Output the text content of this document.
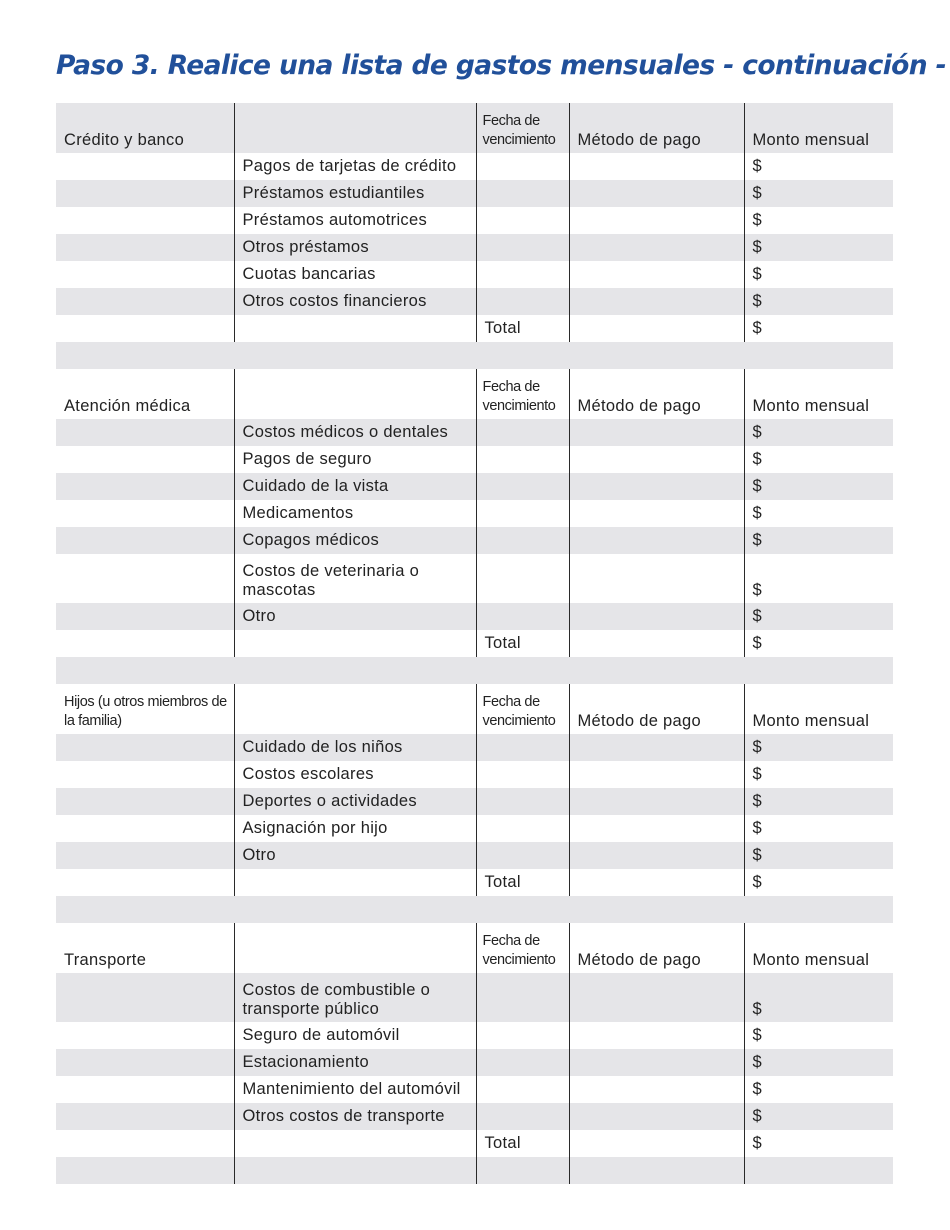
Paso 3. Realice una lista de gastos mensuales - continuación -
Crédito y banco		Fecha de vencimiento	Método de pago	Monto mensual
	Pagos de tarjetas de crédito			$
	Préstamos estudiantiles			$
	Préstamos automotrices			$
	Otros préstamos			$
	Cuotas bancarias			$
	Otros costos financieros			$
		Total		$

Atención médica		Fecha de vencimiento	Método de pago	Monto mensual
	Costos médicos o dentales			$
	Pagos de seguro			$
	Cuidado de la vista			$
	Medicamentos			$
	Copagos médicos			$
	Costos de veterinaria o mascotas			$
	Otro			$
		Total		$

Hijos (u otros miembros de la familia)		Fecha de vencimiento	Método de pago	Monto mensual
	Cuidado de los niños			$
	Costos escolares			$
	Deportes o actividades			$
	Asignación por hijo			$
	Otro			$
		Total		$

Transporte		Fecha de vencimiento	Método de pago	Monto mensual
	Costos de combustible o transporte público			$
	Seguro de automóvil			$
	Estacionamiento			$
	Mantenimiento del automóvil			$
	Otros costos de transporte			$
		Total		$
